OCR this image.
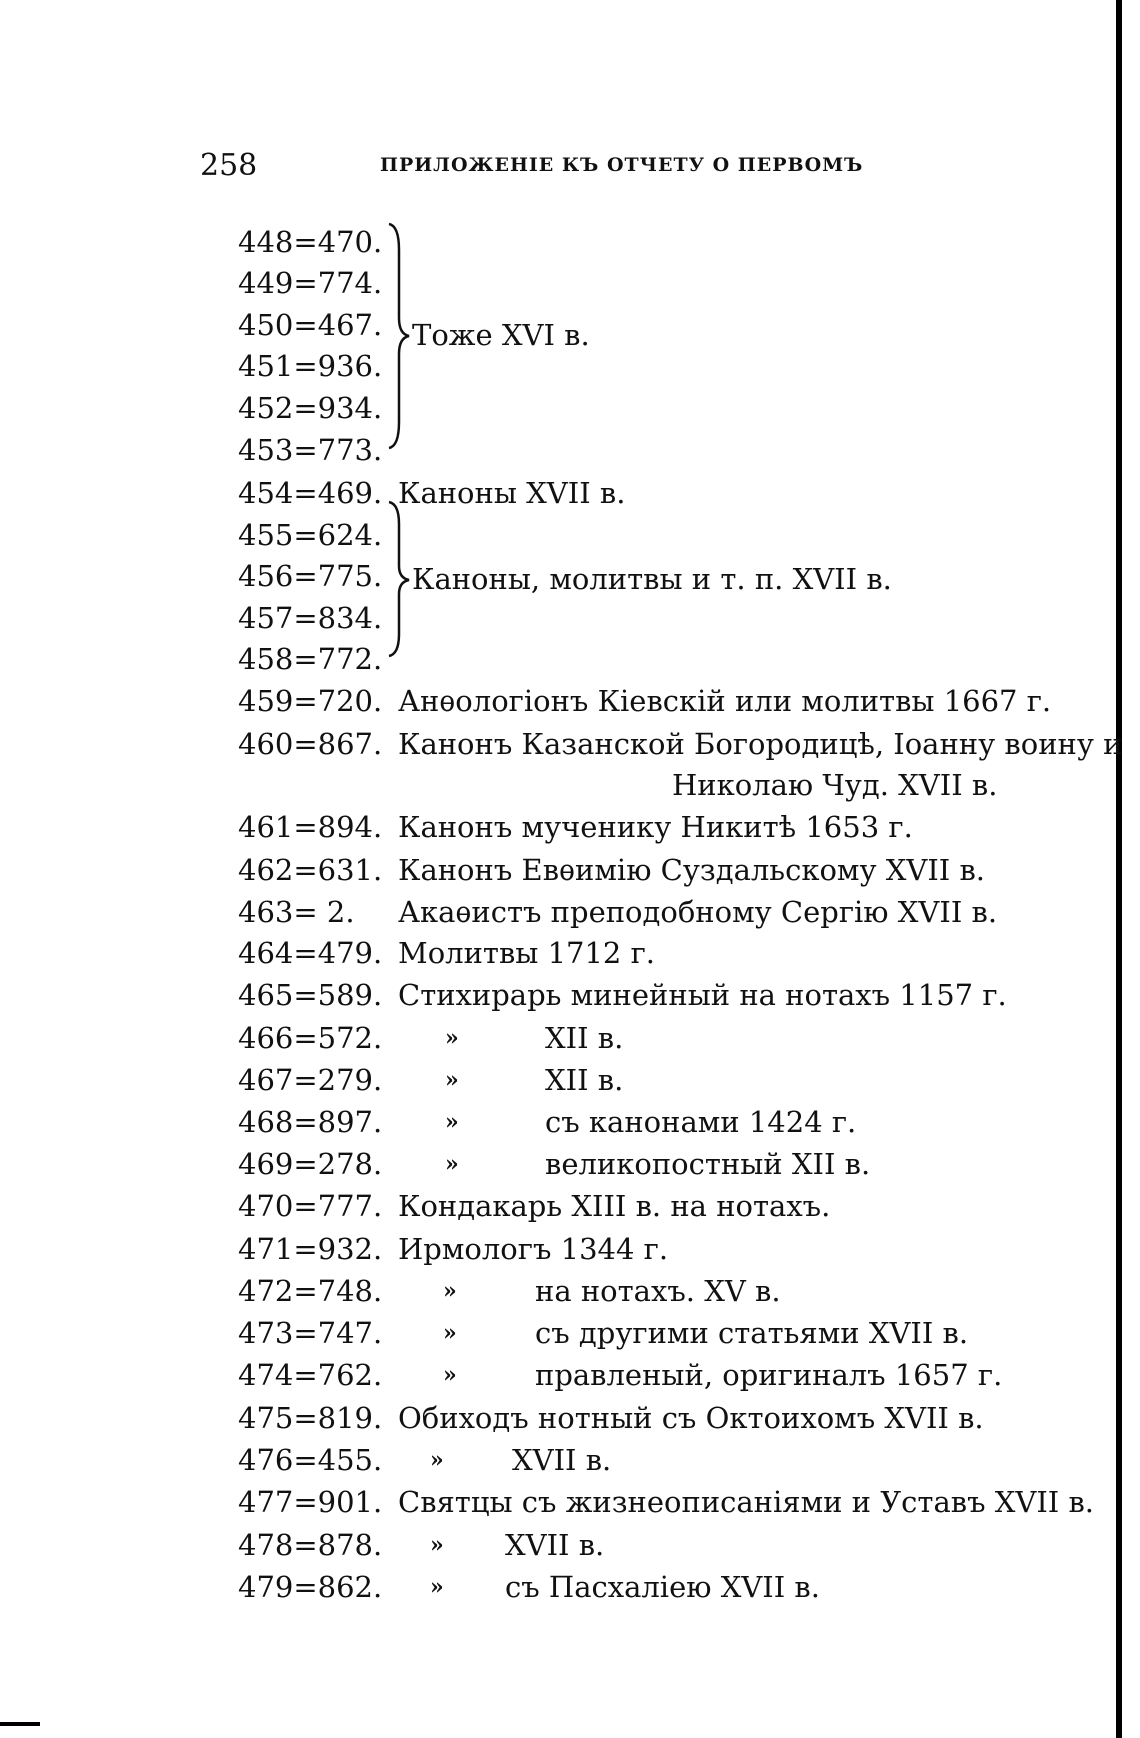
258	ПРИЛОЖЕНІЕ КЪ ОТЧЕТУ О ПЕРВОМЪ
448=470.
449=774.
450=467.
451=936.
452=934.
453=773.
454=469. Каноны XVII в.
455=624.
456=775.
457=834.
458=772.
459=720. Анѳологіонъ Кіевскій или молитвы 1667 г.
460=867. Канонъ Казанской Богородицѣ, Іоанну воину и
Николаю Чуд. XVII в.
461=894. Канонъ мученику Никитѣ 1653 г.
462=631. Канонъ Евѳимію Суздальскому XVII в.
463= 2. Акаѳистъ преподобному Сергію XVII в.
464=479. Молитвы 1712 г.
465=589. Стихирарь минейный на нотахъ 1157 г.
466=572.	»	XII в.
467=279.	»	XII в.
468=897.	»	съ канонами 1424 г.
469=278.	»	великопостный XII в.
470=777. Кондакарь XIII в. на нотахъ.
471=932. Ирмологъ 1344 г.
472=748.	»	на нотахъ. XV в.
473=747.	»	съ другими статьями XVII в.
474=762.	»	правленый, оригиналъ 1657 г.
475=819. Обиходъ нотный съ Октоихомъ XVII в.
476=455. » XVII в.
477=901. Святцы съ жизнеописаніями и Уставъ XVII в.
478=878. » XVII в.
479=862. » съ Пасхаліею XVII в.
Тоже XVI в.
Каноны, молитвы и т. п. XVII в.
